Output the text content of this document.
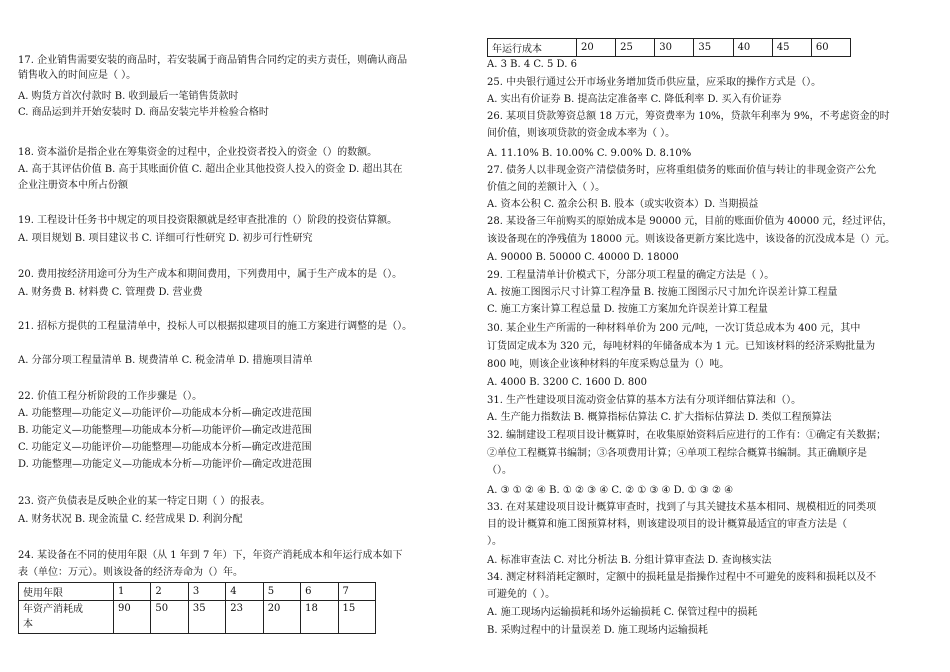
17. 企业销售需要安装的商品时，若安装属于商品销售合同约定的卖方责任，则确认商品
销售收入的时间应是（ ）。
A. 购货方首次付款时 B. 收到最后一笔销售货款时
C. 商品运到并开始安装时 D. 商品安装完毕并检验合格时
18. 资本溢价是指企业在筹集资金的过程中，企业投资者投入的资金（）的数额。
A. 高于其评估价值 B. 高于其账面价值 C. 超出企业其他投资人投入的资金 D. 超出其在
企业注册资本中所占份额
19. 工程设计任务书中规定的项目投资限额就是经审查批准的（）阶段的投资估算额。
A. 项目规划 B. 项目建议书 C. 详细可行性研究 D. 初步可行性研究
20. 费用按经济用途可分为生产成本和期间费用，下列费用中，属于生产成本的是（）。
A. 财务费 B. 材料费 C. 管理费 D. 营业费
21. 招标方提供的工程量清单中，投标人可以根据拟建项目的施工方案进行调整的是（）。
A. 分部分项工程量清单 B. 规费清单 C. 税金清单 D. 措施项目清单
22. 价值工程分析阶段的工作步骤是（）。
A. 功能整理—功能定义—功能评价—功能成本分析—确定改进范围
B. 功能定义—功能整理—功能成本分析—功能评价—确定改进范围
C. 功能定义—功能评价—功能整理—功能成本分析—确定改进范围
D. 功能整理—功能定义—功能成本分析—功能评价—确定改进范围
23. 资产负债表是反映企业的某一特定日期（ ）的报表。
A. 财务状况 B. 现金流量 C. 经营成果 D. 利润分配
24. 某设备在不同的使用年限（从 1 年到 7 年）下，年资产消耗成本和年运行成本如下
表（单位：万元）。则该设备的经济寿命为（）年。
使用年限	1	2	3	4	5	6	7
年资产消耗成
本	90	50	35	23	20	18	15
年运行成本	20	25	30	35	40	45	60
A. 3 B. 4 C. 5 D. 6
25. 中央银行通过公开市场业务增加货币供应量，应采取的操作方式是（）。
A. 实出有价证券 B. 提高法定准备率 C. 降低利率 D. 买入有价证券
26. 某项目贷款筹资总额 18 万元，筹资费率为 10%，贷款年利率为 9%，不考虑资金的时
间价值，则该项贷款的资金成本率为（ ）。
A. 11.10% B. 10.00% C. 9.00% D. 8.10%
27. 债务人以非现金资产清偿债务时，应将重组债务的账面价值与转让的非现金资产公允
价值之间的差额计入（ ）。
A. 资本公积 C. 盈余公积 B. 股本（或实收资本）D. 当期损益
28. 某设备三年前购买的原始成本是 90000 元，目前的账面价值为 40000 元，经过评估，
该设备现在的净残值为 18000 元。则该设备更新方案比选中，该设备的沉没成本是（）元。
A. 90000 B. 50000 C. 40000 D. 18000
29. 工程量清单计价模式下，分部分项工程量的确定方法是（ ）。
A. 按施工图图示尺寸计算工程净量 B. 按施工图图示尺寸加允许误差计算工程量
C. 施工方案计算工程总量 D. 按施工方案加允许误差计算工程量
30. 某企业生产所需的一种材料单价为 200 元/吨，一次订货总成本为 400 元，其中
订货固定成本为 320 元，每吨材料的年储备成本为 1 元。已知该材料的经济采购批量为
800 吨，则该企业该种材料的年度采购总量为（）吨。
A. 4000 B. 3200 C. 1600 D. 800
31. 生产性建设项目流动资金估算的基本方法有分项详细估算法和（）。
A. 生产能力指数法 B. 概算指标估算法 C. 扩大指标估算法 D. 类似工程预算法
32. 编制建设工程项目设计概算时，在收集原始资料后应进行的工作有：①确定有关数据；
②单位工程概算书编制；③各项费用计算；④单项工程综合概算书编制。其正确顺序是
（）。
A. ③ ① ② ④ B. ① ② ③ ④ C. ② ① ③ ④ D. ① ③ ② ④
33. 在对某建设项目设计概算审查时，找到了与其关键技术基本相同、规模相近的同类项
目的设计概算和施工图预算材料，则该建设项目的设计概算最适宜的审查方法是（
）。
A. 标准审查法 C. 对比分析法 B. 分组计算审查法 D. 查询核实法
34. 测定材料消耗定额时，定额中的损耗量是指操作过程中不可避免的废料和损耗以及不
可避免的（ ）。
A. 施工现场内运输损耗和场外运输损耗 C. 保管过程中的损耗
B. 采购过程中的计量误差 D. 施工现场内运输损耗
